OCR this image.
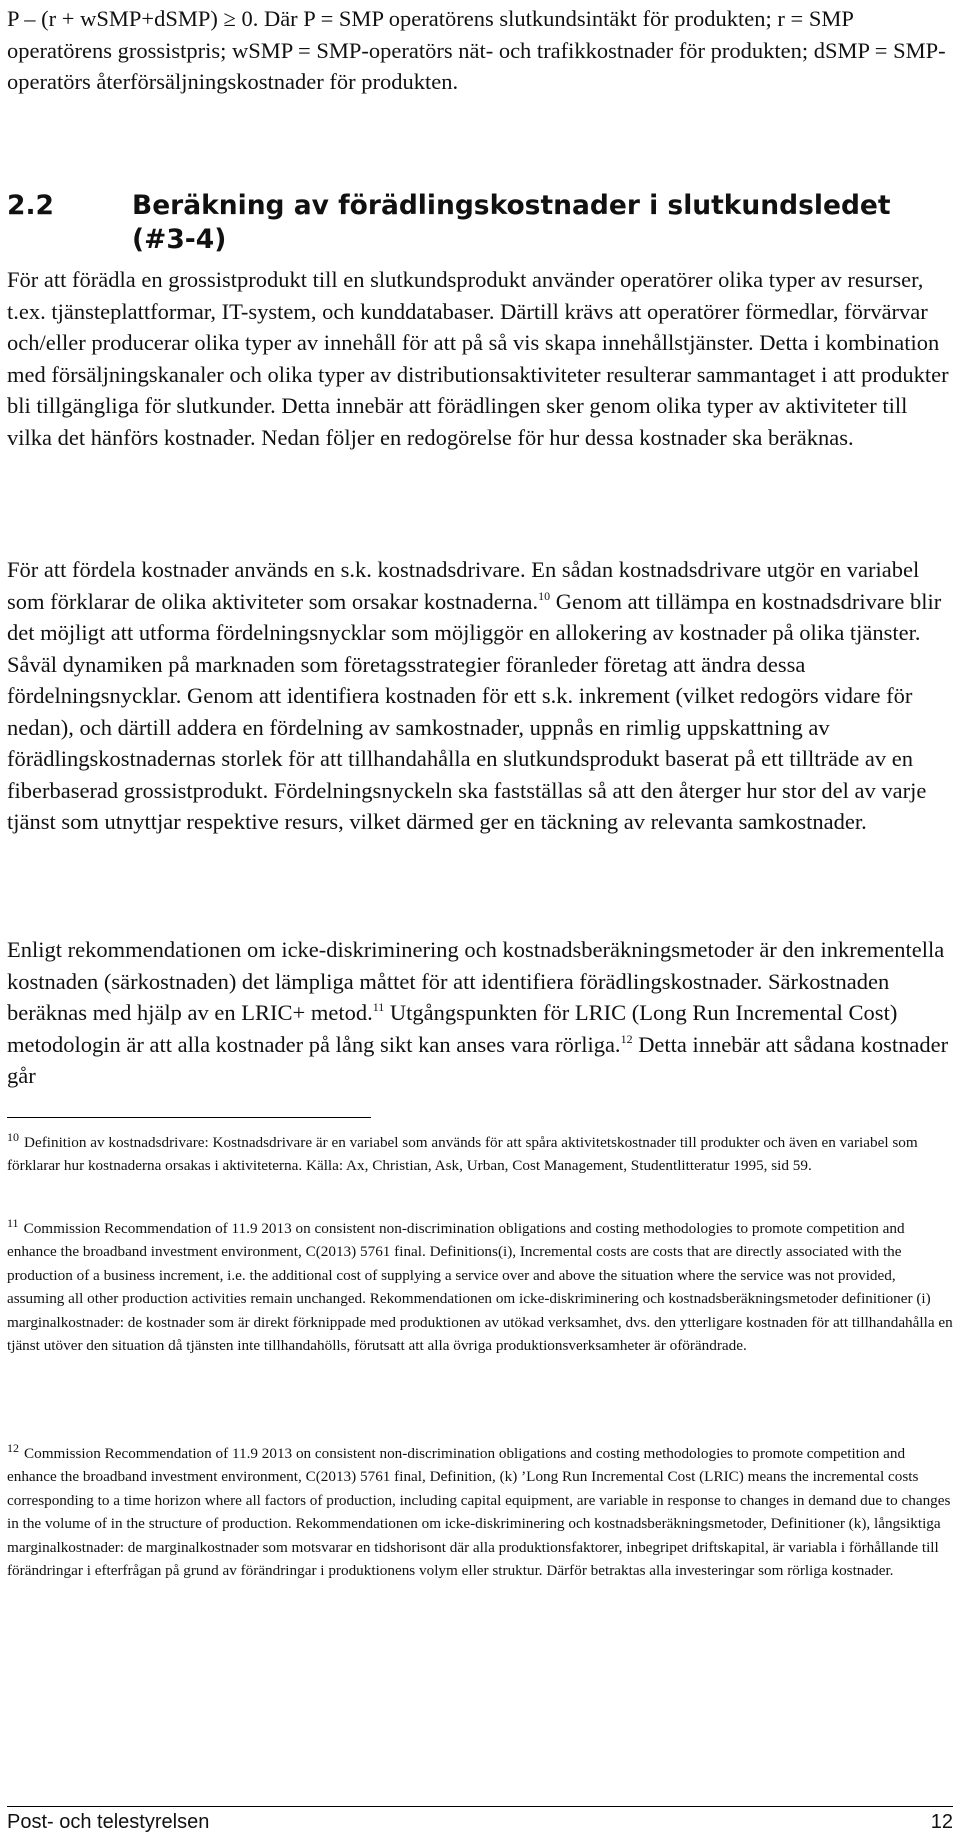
P – (r + wSMP+dSMP) ≥ 0. Där P = SMP operatörens slutkundsintäkt för produkten; r = SMP operatörens grossistpris; wSMP = SMP-operatörs nät- och trafikkostnader för produkten; dSMP = SMP-operatörs återförsäljningskostnader för produkten.

2.2	Beräkning av förädlingskostnader i slutkundsledet (#3-4)

För att förädla en grossistprodukt till en slutkundsprodukt använder operatörer olika typer av resurser, t.ex. tjänsteplattformar, IT-system, och kunddatabaser. Därtill krävs att operatörer förmedlar, förvärvar och/eller producerar olika typer av innehåll för att på så vis skapa innehållstjänster. Detta i kombination med försäljningskanaler och olika typer av distributionsaktiviteter resulterar sammantaget i att produkter bli tillgängliga för slutkunder. Detta innebär att förädlingen sker genom olika typer av aktiviteter till vilka det hänförs kostnader. Nedan följer en redogörelse för hur dessa kostnader ska beräknas.

För att fördela kostnader används en s.k. kostnadsdrivare. En sådan kostnadsdrivare utgör en variabel som förklarar de olika aktiviteter som orsakar kostnaderna.$^{10}$ Genom att tillämpa en kostnadsdrivare blir det möjligt att utforma fördelningsnycklar som möjliggör en allokering av kostnader på olika tjänster. Såväl dynamiken på marknaden som företagsstrategier föranleder företag att ändra dessa fördelningsnycklar. Genom att identifiera kostnaden för ett s.k. inkrement (vilket redogörs vidare för nedan), och därtill addera en fördelning av samkostnader, uppnås en rimlig uppskattning av förädlingskostnadernas storlek för att tillhandahålla en slutkundsprodukt baserat på ett tillträde av en fiberbaserad grossistprodukt. Fördelningsnyckeln ska fastställas så att den återger hur stor del av varje tjänst som utnyttjar respektive resurs, vilket därmed ger en täckning av relevanta samkostnader.

Enligt rekommendationen om icke-diskriminering och kostnadsberäkningsmetoder är den inkrementella kostnaden (särkostnaden) det lämpliga måttet för att identifiera förädlingskostnader. Särkostnaden beräknas med hjälp av en LRIC+ metod.$^{11}$ Utgångspunkten för LRIC (Long Run Incremental Cost) metodologin är att alla kostnader på lång sikt kan anses vara rörliga.$^{12}$ Detta innebär att sådana kostnader går

$^{10}$ Definition av kostnadsdrivare: Kostnadsdrivare är en variabel som används för att spåra aktivitetskostnader till produkter och även en variabel som förklarar hur kostnaderna orsakas i aktiviteterna. Källa: Ax, Christian, Ask, Urban, Cost Management, Studentlitteratur 1995, sid 59.

$^{11}$ Commission Recommendation of 11.9 2013 on consistent non-discrimination obligations and costing methodologies to promote competition and enhance the broadband investment environment, C(2013) 5761 final. Definitions(i), Incremental costs are costs that are directly associated with the production of a business increment, i.e. the additional cost of supplying a service over and above the situation where the service was not provided, assuming all other production activities remain unchanged. Rekommendationen om icke-diskriminering och kostnadsberäkningsmetoder definitioner (i) marginalkostnader: de kostnader som är direkt förknippade med produktionen av utökad verksamhet, dvs. den ytterligare kostnaden för att tillhandahålla en tjänst utöver den situation då tjänsten inte tillhandahölls, förutsatt att alla övriga produktionsverksamheter är oförändrade.

$^{12}$ Commission Recommendation of 11.9 2013 on consistent non-discrimination obligations and costing methodologies to promote competition and enhance the broadband investment environment, C(2013) 5761 final, Definition, (k) ’Long Run Incremental Cost (LRIC) means the incremental costs corresponding to a time horizon where all factors of production, including capital equipment, are variable in response to changes in demand due to changes in the volume of in the structure of production. Rekommendationen om icke-diskriminering och kostnadsberäkningsmetoder, Definitioner (k), långsiktiga marginalkostnader: de marginalkostnader som motsvarar en tidshorisont där alla produktionsfaktorer, inbegripet driftskapital, är variabla i förhållande till förändringar i efterfrågan på grund av förändringar i produktionens volym eller struktur. Därför betraktas alla investeringar som rörliga kostnader.

Post- och telestyrelsen	12
